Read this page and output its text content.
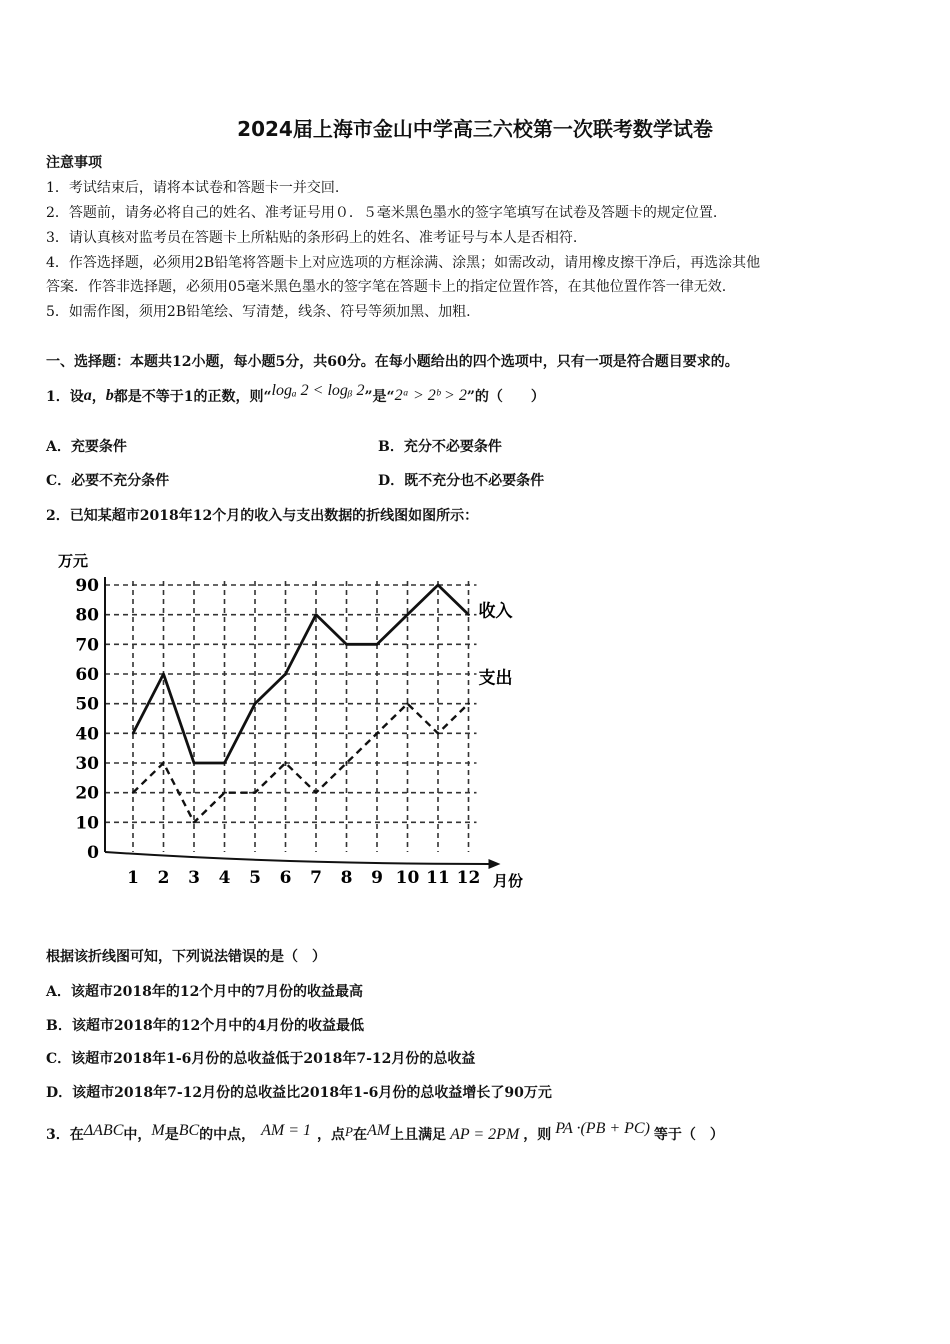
2024届上海市金山中学高三六校第一次联考数学试卷
注意事项
1．考试结束后，请将本试卷和答题卡一并交回.
2．答题前，请务必将自己的姓名、准考证号用０．５毫米黑色墨水的签字笔填写在试卷及答题卡的规定位置.
3．请认真核对监考员在答题卡上所粘贴的条形码上的姓名、准考证号与本人是否相符.
4．作答选择题，必须用2B铅笔将答题卡上对应选项的方框涂满、涂黑；如需改动，请用橡皮擦干净后，再选涂其他
答案．作答非选择题，必须用05毫米黑色墨水的签字笔在答题卡上的指定位置作答，在其他位置作答一律无效.
5．如需作图，须用2B铅笔绘、写清楚，线条、符号等须加黑、加粗.
一、选择题：本题共12小题，每小题5分，共60分。在每小题给出的四个选项中，只有一项是符合题目要求的。
1．设 a ， b 都是不等于1的正数，则“ logₐ 2 < logᵦ 2 ”是“ 2ᵃ > 2ᵇ > 2 ”的（　　）
A．充要条件	B．充分不必要条件
C．必要不充分条件	D．既不充分也不必要条件
2．已知某超市2018年12个月的收入与支出数据的折线图如图所示：
万元
月份
0
10
20
30
40
50
60
70
80
90
1 2 3 4 5 6 7 8 9 10 11 12
收入
支出
根据该折线图可知，下列说法错误的是（　）
A．该超市2018年的12个月中的7月份的收益最高
B．该超市2018年的12个月中的4月份的收益最低
C．该超市2018年1-6月份的总收益低于2018年7-12月份的总收益
D．该超市2018年7-12月份的总收益比2018年1-6月份的总收益增长了90万元
3．在 ΔABC 中， M 是 BC 的中点， AM = 1 ，点 P 在 AM 上且满足 AP = 2PM ，则 PA ·(PB + PC) 等于（　）
